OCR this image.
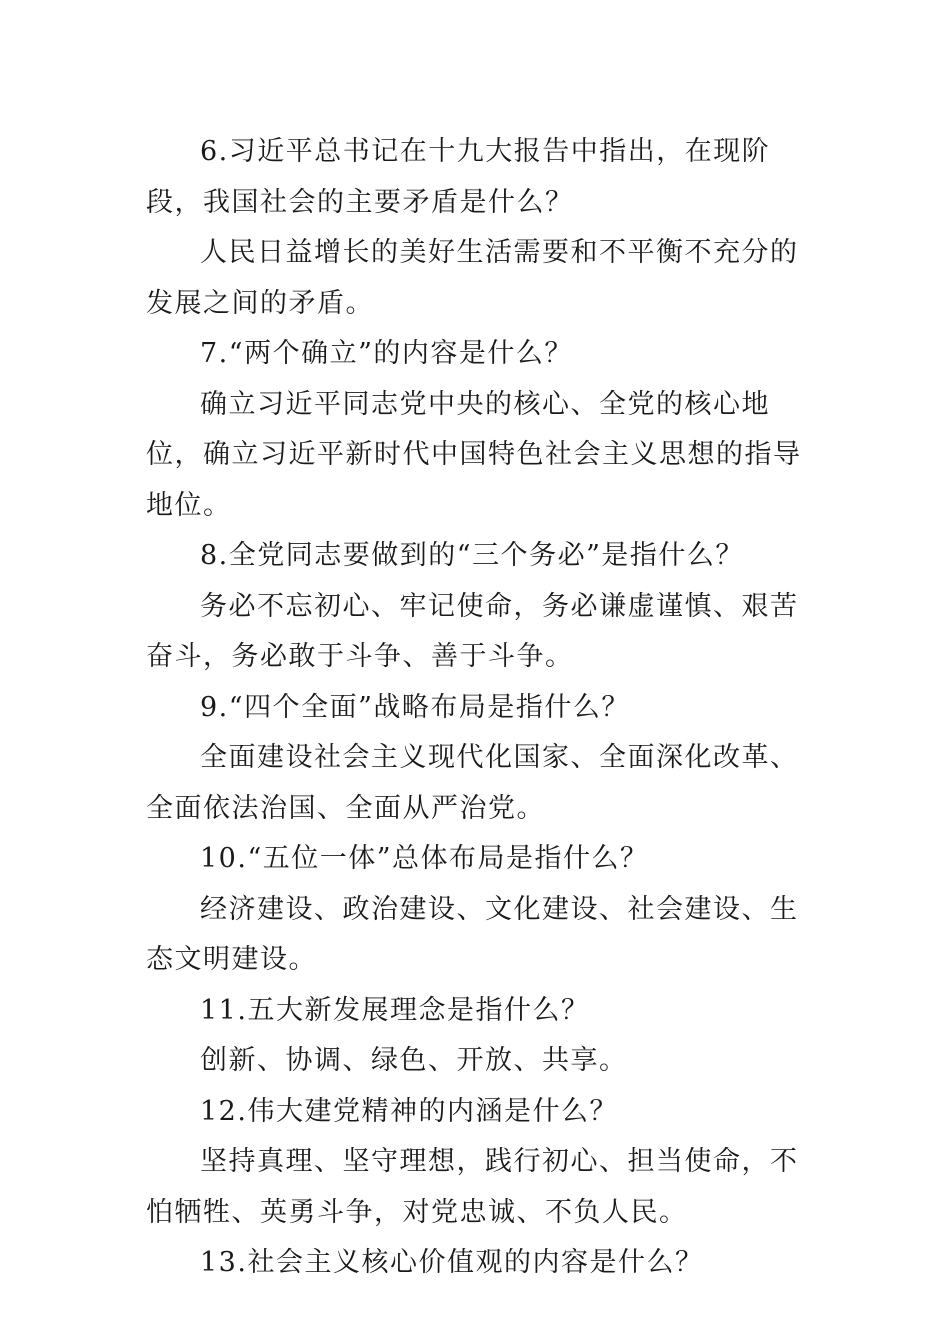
6.习近平总书记在十九大报告中指出，在现阶段，我国社会的主要矛盾是什么？

人民日益增长的美好生活需要和不平衡不充分的发展之间的矛盾。

7.“两个确立”的内容是什么？

确立习近平同志党中央的核心、全党的核心地位，确立习近平新时代中国特色社会主义思想的指导地位。

8.全党同志要做到的“三个务必”是指什么？

务必不忘初心、牢记使命，务必谦虚谨慎、艰苦奋斗，务必敢于斗争、善于斗争。

9.“四个全面”战略布局是指什么？

全面建设社会主义现代化国家、全面深化改革、全面依法治国、全面从严治党。

10.“五位一体”总体布局是指什么？

经济建设、政治建设、文化建设、社会建设、生态文明建设。

11.五大新发展理念是指什么？

创新、协调、绿色、开放、共享。

12.伟大建党精神的内涵是什么？

坚持真理、坚守理想，践行初心、担当使命，不怕牺牲、英勇斗争，对党忠诚、不负人民。

13.社会主义核心价值观的内容是什么？
